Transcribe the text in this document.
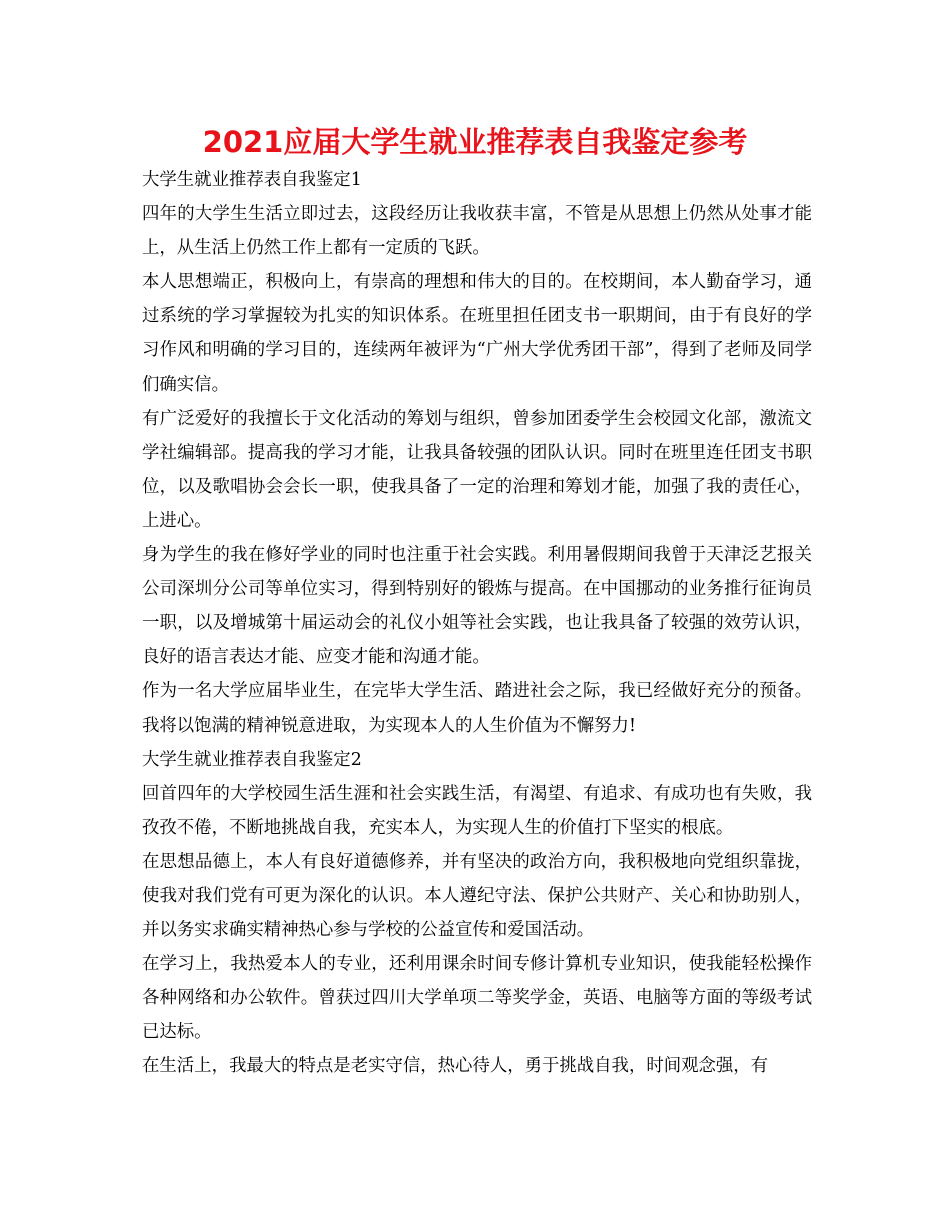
2021应届大学生就业推荐表自我鉴定参考

大学生就业推荐表自我鉴定1

四年的大学生生活立即过去，这段经历让我收获丰富，不管是从思想上仍然从处事才能上，从生活上仍然工作上都有一定质的飞跃。

本人思想端正，积极向上，有崇高的理想和伟大的目的。在校期间，本人勤奋学习，通过系统的学习掌握较为扎实的知识体系。在班里担任团支书一职期间，由于有良好的学习作风和明确的学习目的，连续两年被评为“广州大学优秀团干部”，得到了老师及同学们确实信。

有广泛爱好的我擅长于文化活动的筹划与组织，曾参加团委学生会校园文化部，激流文学社编辑部。提高我的学习才能，让我具备较强的团队认识。同时在班里连任团支书职位，以及歌唱协会会长一职，使我具备了一定的治理和筹划才能，加强了我的责任心，上进心。

身为学生的我在修好学业的同时也注重于社会实践。利用暑假期间我曾于天津泛艺报关公司深圳分公司等单位实习，得到特别好的锻炼与提高。在中国挪动的业务推行征询员一职，以及增城第十届运动会的礼仪小姐等社会实践，也让我具备了较强的效劳认识，良好的语言表达才能、应变才能和沟通才能。

作为一名大学应届毕业生，在完毕大学生活、踏进社会之际，我已经做好充分的预备。我将以饱满的精神锐意进取，为实现本人的人生价值为不懈努力!

大学生就业推荐表自我鉴定2

回首四年的大学校园生活生涯和社会实践生活，有渴望、有追求、有成功也有失败，我孜孜不倦，不断地挑战自我，充实本人，为实现人生的价值打下坚实的根底。

在思想品德上，本人有良好道德修养，并有坚决的政治方向，我积极地向党组织靠拢，使我对我们党有可更为深化的认识。本人遵纪守法、保护公共财产、关心和协助别人，并以务实求确实精神热心参与学校的公益宣传和爱国活动。

在学习上，我热爱本人的专业，还利用课余时间专修计算机专业知识，使我能轻松操作各种网络和办公软件。曾获过四川大学单项二等奖学金，英语、电脑等方面的等级考试已达标。

在生活上，我最大的特点是老实守信，热心待人，勇于挑战自我，时间观念强，有
